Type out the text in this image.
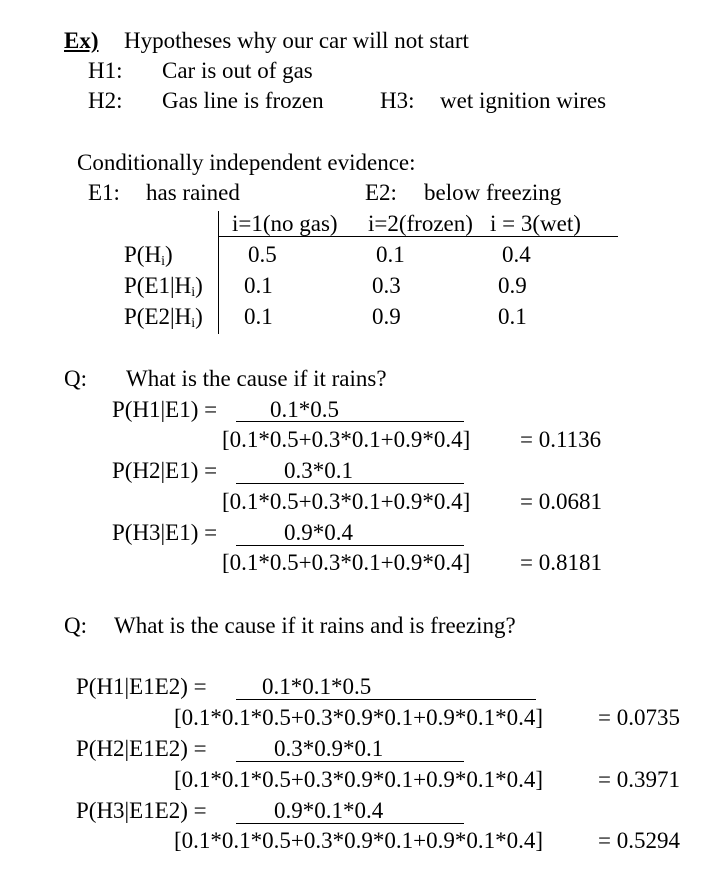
Ex) Hypotheses why our car will not start
H1: Car is out of gas
H2: Gas line is frozen H3: wet ignition wires
Conditionally independent evidence:
E1: has rained	E2: below freezing
i=1(no gas) i=2(frozen) i = 3(wet)
$P(H_i)$	0.5	0.1	0.4
$P(E1|H_i)$ 0.1	0.3	0.9
$P(E2|H_i)$ 0.1	0.9	0.1
Q: What is the cause if it rains?
P(H1|E1) = 0.1*0.5
[0.1*0.5+0.3*0.1+0.9*0.4] = 0.1136
P(H2|E1) =	0.3*0.1
[0.1*0.5+0.3*0.1+0.9*0.4] = 0.0681
P(H3|E1) =	0.9*0.4
[0.1*0.5+0.3*0.1+0.9*0.4] = 0.8181
Q: What is the cause if it rains and is freezing?
P(H1|E1E2) = 0.1*0.1*0.5
[0.1*0.1*0.5+0.3*0.9*0.1+0.9*0.1*0.4] = 0.0735
P(H2|E1E2) =	0.3*0.9*0.1
[0.1*0.1*0.5+0.3*0.9*0.1+0.9*0.1*0.4] = 0.3971
P(H3|E1E2) =	0.9*0.1*0.4
[0.1*0.1*0.5+0.3*0.9*0.1+0.9*0.1*0.4] = 0.5294
